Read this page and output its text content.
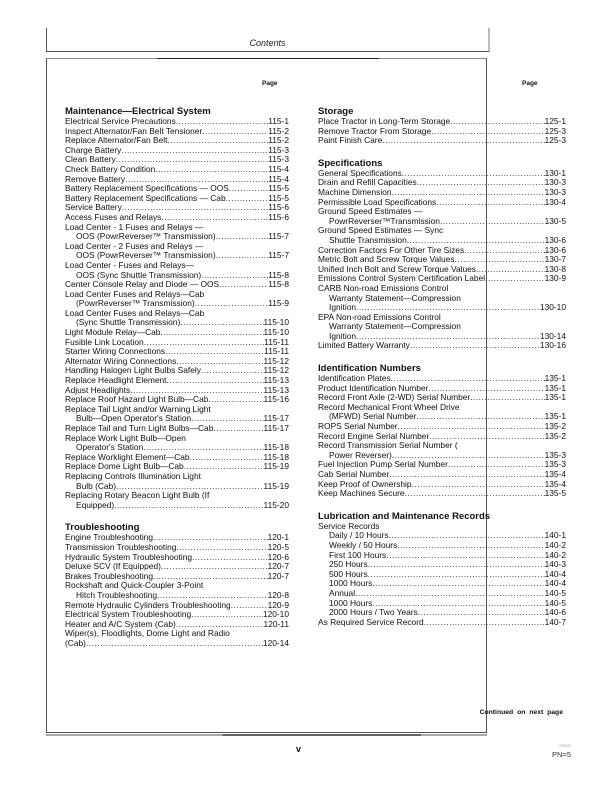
Contents
Page	Page
Maintenance—Electrical System
Electrical Service Precautions .....	115-1
Inspect Alternator/Fan Belt Tensioner .....	115-2
Replace Alternator/Fan Belt .....	115-2
Charge Battery .....	115-3
Clean Battery .....	115-3
Check Battery Condition .....	115-4
Remove Battery .....	115-4
Battery Replacement Specifications — OOS .....	115-5
Battery Replacement Specifications — Cab .....	115-5
Service Battery .....	115-6
Access Fuses and Relays .....	115-6
Load Center - 1 Fuses and Relays —
OOS (PowrReverser™ Transmission) .....	115-7
Load Center - 2 Fuses and Relays —
OOS (PowrReverser™ Transmission) .....	115-7
Load Center - Fuses and Relays—
OOS (Sync Shuttle Transmission) .....	115-8
Center Console Relay and Diode — OOS .....	115-8
Load Center Fuses and Relays—Cab
(PowrReverser™ Transmission) .....	115-9
Load Center Fuses and Relays—Cab
(Sync Shuttle Transmission) .....	115-10
Light Module Relay—Cab .....	115-10
Fusible Link Location .....	115-11
Starter Wiring Connections .....	115-11
Alternator Wiring Connections .....	115-12
Handling Halogen Light Bulbs Safely .....	115-12
Replace Headlight Element .....	115-13
Adjust Headlights .....	115-13
Replace Roof Hazard Light Bulb—Cab .....	115-16
Replace Tail Light and/or Warning Light
Bulb—Open Operator's Station .....	115-17
Replace Tail and Turn Light Bulbs—Cab .....	115-17
Replace Work Light Bulb—Open
Operator's Station .....	115-18
Replace Worklight Element—Cab .....	115-18
Replace Dome Light Bulb—Cab .....	115-19
Replacing Controls Illumination Light
Bulb (Cab) .....	115-19
Replacing Rotary Beacon Light Bulb (If
Equipped) .....	115-20
Troubleshooting
Engine Troubleshooting .....	120-1
Transmission Troubleshooting .....	120-5
Hydraulic System Troubleshooting .....	120-6
Deluxe SCV (If Equipped) .....	120-7
Brakes Troubleshooting .....	120-7
Rockshaft and Quick-Coupler 3-Point
Hitch Troubleshooting .....	120-8
Remote Hydraulic Cylinders Troubleshooting .....	120-9
Electrical System Troubleshooting .....	120-10
Heater and A/C System (Cab) .....	120-11
Wiper(s), Floodlights, Dome Light and Radio
(Cab) .....	120-14
Storage
Place Tractor in Long-Term Storage .....	125-1
Remove Tractor From Storage .....	125-3
Paint Finish Care .....	125-3
Specifications
General Specifications .....	130-1
Drain and Refill Capacities .....	130-3
Machine Dimension .....	130-3
Permissible Load Specifications .....	130-4
Ground Speed Estimates —
PowrReverser™Transmission .....	130-5
Ground Speed Estimates — Sync
Shuttle Transmission .....	130-6
Correction Factors For Other Tire Sizes .....	130-6
Metric Bolt and Screw Torque Values .....	130-7
Unified Inch Bolt and Screw Torque Values .....	130-8
Emissions Control System Certification Label .....	130-9
CARB Non-road Emissions Control
Warranty Statement—Compression
Ignition .....	130-10
EPA Non-road Emissions Control
Warranty Statement—Compression
Ignition .....	130-14
Limited Battery Warranty .....	130-16
Identification Numbers
Identification Plates .....	135-1
Product Identification Number .....	135-1
Record Front Axle (2-WD) Serial Number .....	135-1
Record Mechanical Front Wheel Drive
(MFWD) Serial Number .....	135-1
ROPS Serial Number .....	135-2
Record Engine Serial Number .....	135-2
Record Transmission Serial Number (
Power Reverser) .....	135-3
Fuel Injection Pump Serial Number .....	135-3
Cab Serial Number .....	135-4
Keep Proof of Ownership .....	135-4
Keep Machines Secure .....	135-5
Lubrication and Maintenance Records
Service Records
Daily / 10 Hours .....	140-1
Weekly / 50 Hours .....	140-2
First 100 Hours .....	140-2
250 Hours .....	140-3
500 Hours .....	140-4
1000 Hours .....	140-4
Annual .....	140-5
1000 Hours .....	140-5
2000 Hours / Two Years .....	140-6
As Required Service Record .....	140-7
Continued on next page
v	070521
PN=5
